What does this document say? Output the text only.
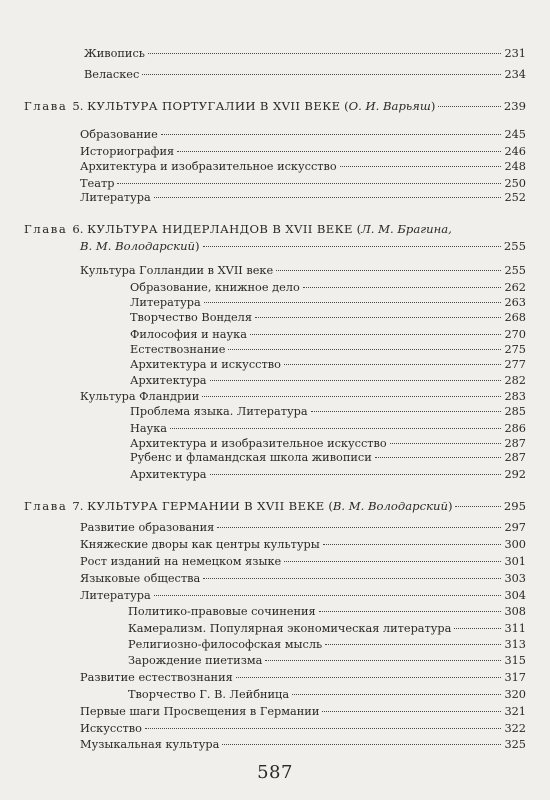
Живопись	231
Веласкес	234
Глава 5. КУЛЬТУРА ПОРТУГАЛИИ В XVII ВЕКЕ (О. И. Варьяш)	239
Образование	245
Историография	246
Архитектура и изобразительное искусство	248
Театр	250
Литература	252
Глава 6. КУЛЬТУРА НИДЕРЛАНДОВ В XVII ВЕКЕ (Л. М. Брагина,
В. М. Володарский)	255
Культура Голландии в XVII веке	255
Образование, книжное дело	262
Литература	263
Творчество Вонделя	268
Философия и наука	270
Естествознание	275
Архитектура и искусство	277
Архитектура	282
Культура Фландрии	283
Проблема языка. Литература	285
Наука	286
Архитектура и изобразительное искусство	287
Рубенс и фламандская школа живописи	287
Архитектура	292
Глава 7. КУЛЬТУРА ГЕРМАНИИ В XVII ВЕКЕ (В. М. Володарский)	295
Развитие образования	297
Княжеские дворы как центры культуры	300
Рост изданий на немецком языке	301
Языковые общества	303
Литература	304
Политико-правовые сочинения	308
Камерализм. Популярная экономическая литература	311
Религиозно-философская мысль	313
Зарождение пиетизма	315
Развитие естествознания	317
Творчество Г. В. Лейбница	320
Первые шаги Просвещения в Германии	321
Искусство	322
Музыкальная культура	325
587
